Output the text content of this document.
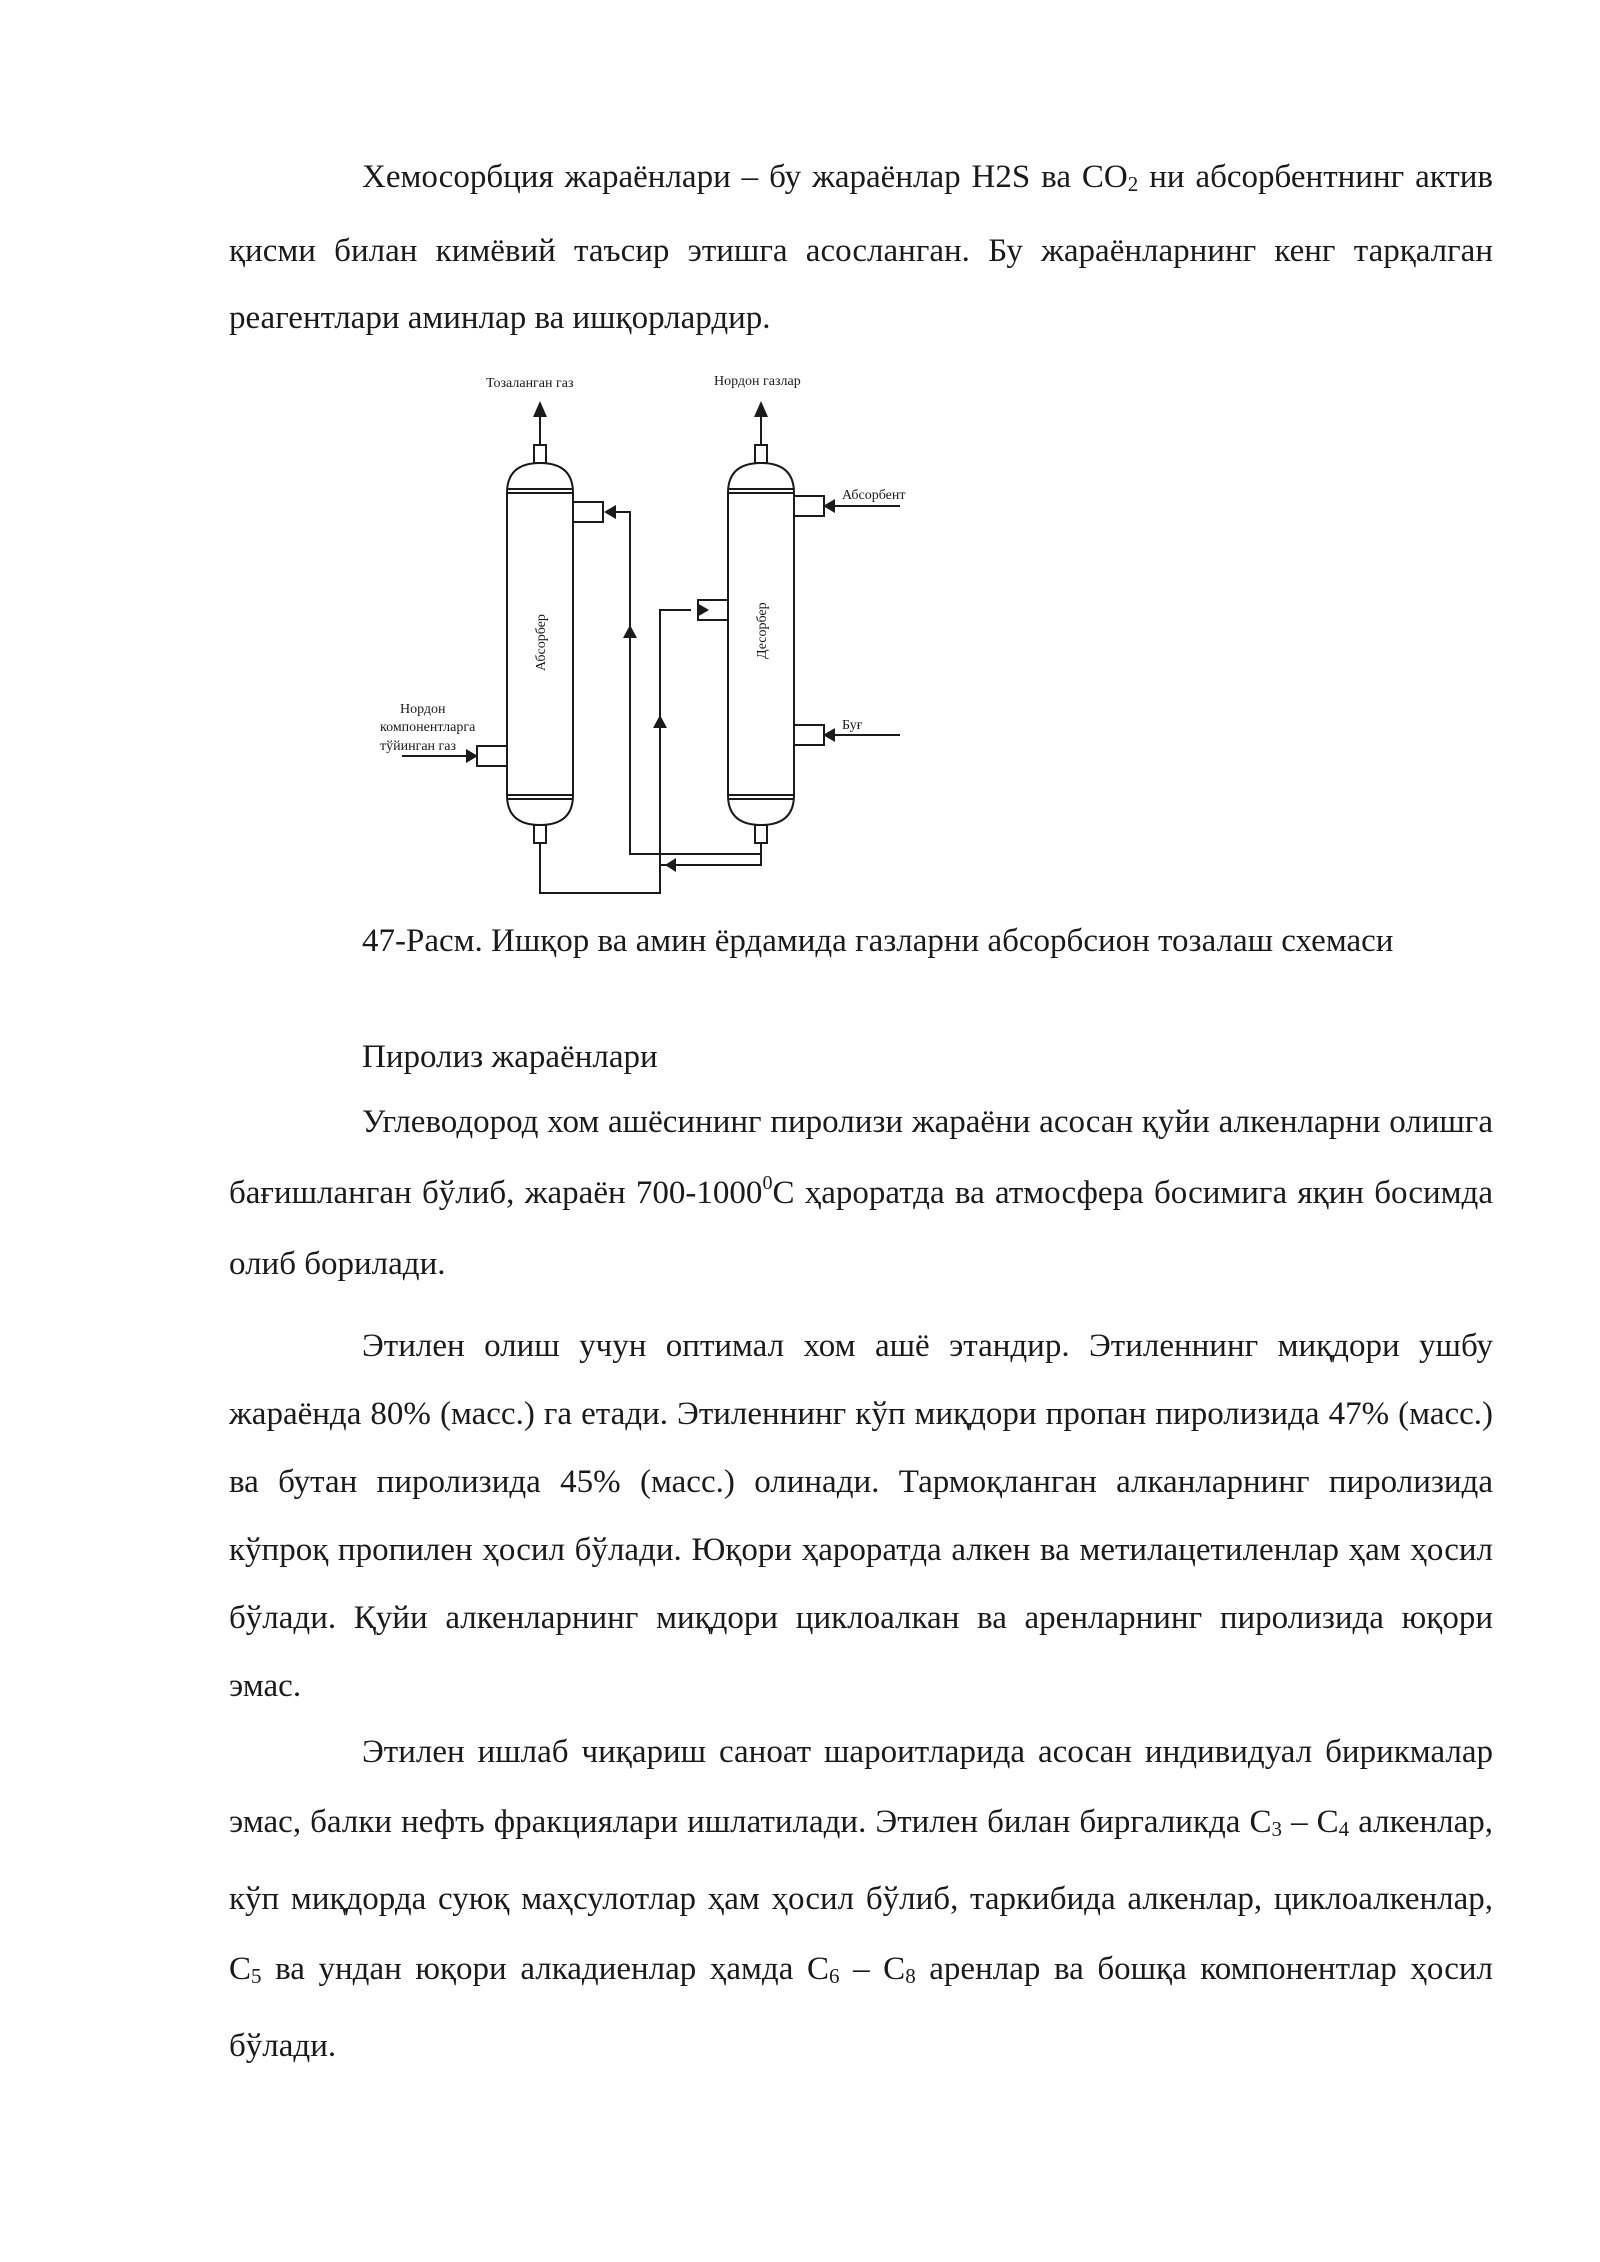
Хемосорбция жараёнлари – бу жараёнлар H2S ва $CO_2$ ни абсорбентнинг актив қисми билан кимёвий таъсир этишга асосланган. Бу жараёнларнинг кенг тарқалган реагентлари аминлар ва ишқорлардир.

Тозаланган газ	Нордон газлар
Абсорбент
Буғ
Нордон
компонентларга
тўйинган газ
Абсорбер	Десорбер

47-Расм. Ишқор ва амин ёрдамида газларни абсорбсион тозалаш схемаси

Пиролиз жараёнлари

Углеводород хом ашёсининг пиролизи жараёни асосан қуйи алкенларни олишга бағишланган бўлиб, жараён 700-1000$^0$С ҳароратда ва атмосфера босимига яқин босимда олиб борилади.

Этилен олиш учун оптимал хом ашё этандир. Этиленнинг миқдори ушбу жараёнда 80% (масс.) га етади. Этиленнинг кўп миқдори пропан пиролизида 47% (масс.) ва бутан пиролизида 45% (масс.) олинади. Тармоқланган алканларнинг пиролизида кўпроқ пропилен ҳосил бўлади. Юқори ҳароратда алкен ва метилацетиленлар ҳам ҳосил бўлади. Қуйи алкенларнинг миқдори циклоалкан ва аренларнинг пиролизида юқори эмас.

Этилен ишлаб чиқариш саноат шароитларида асосан индивидуал бирикмалар эмас, балки нефть фракциялари ишлатилади. Этилен билан биргаликда $C_3 - C_4$ алкенлар, кўп миқдорда суюқ маҳсулотлар ҳам ҳосил бўлиб, таркибида алкенлар, циклоалкенлар, $C_5$ ва ундан юқори алкадиенлар ҳамда $C_6 - C_8$ аренлар ва бошқа компонентлар ҳосил бўлади.
